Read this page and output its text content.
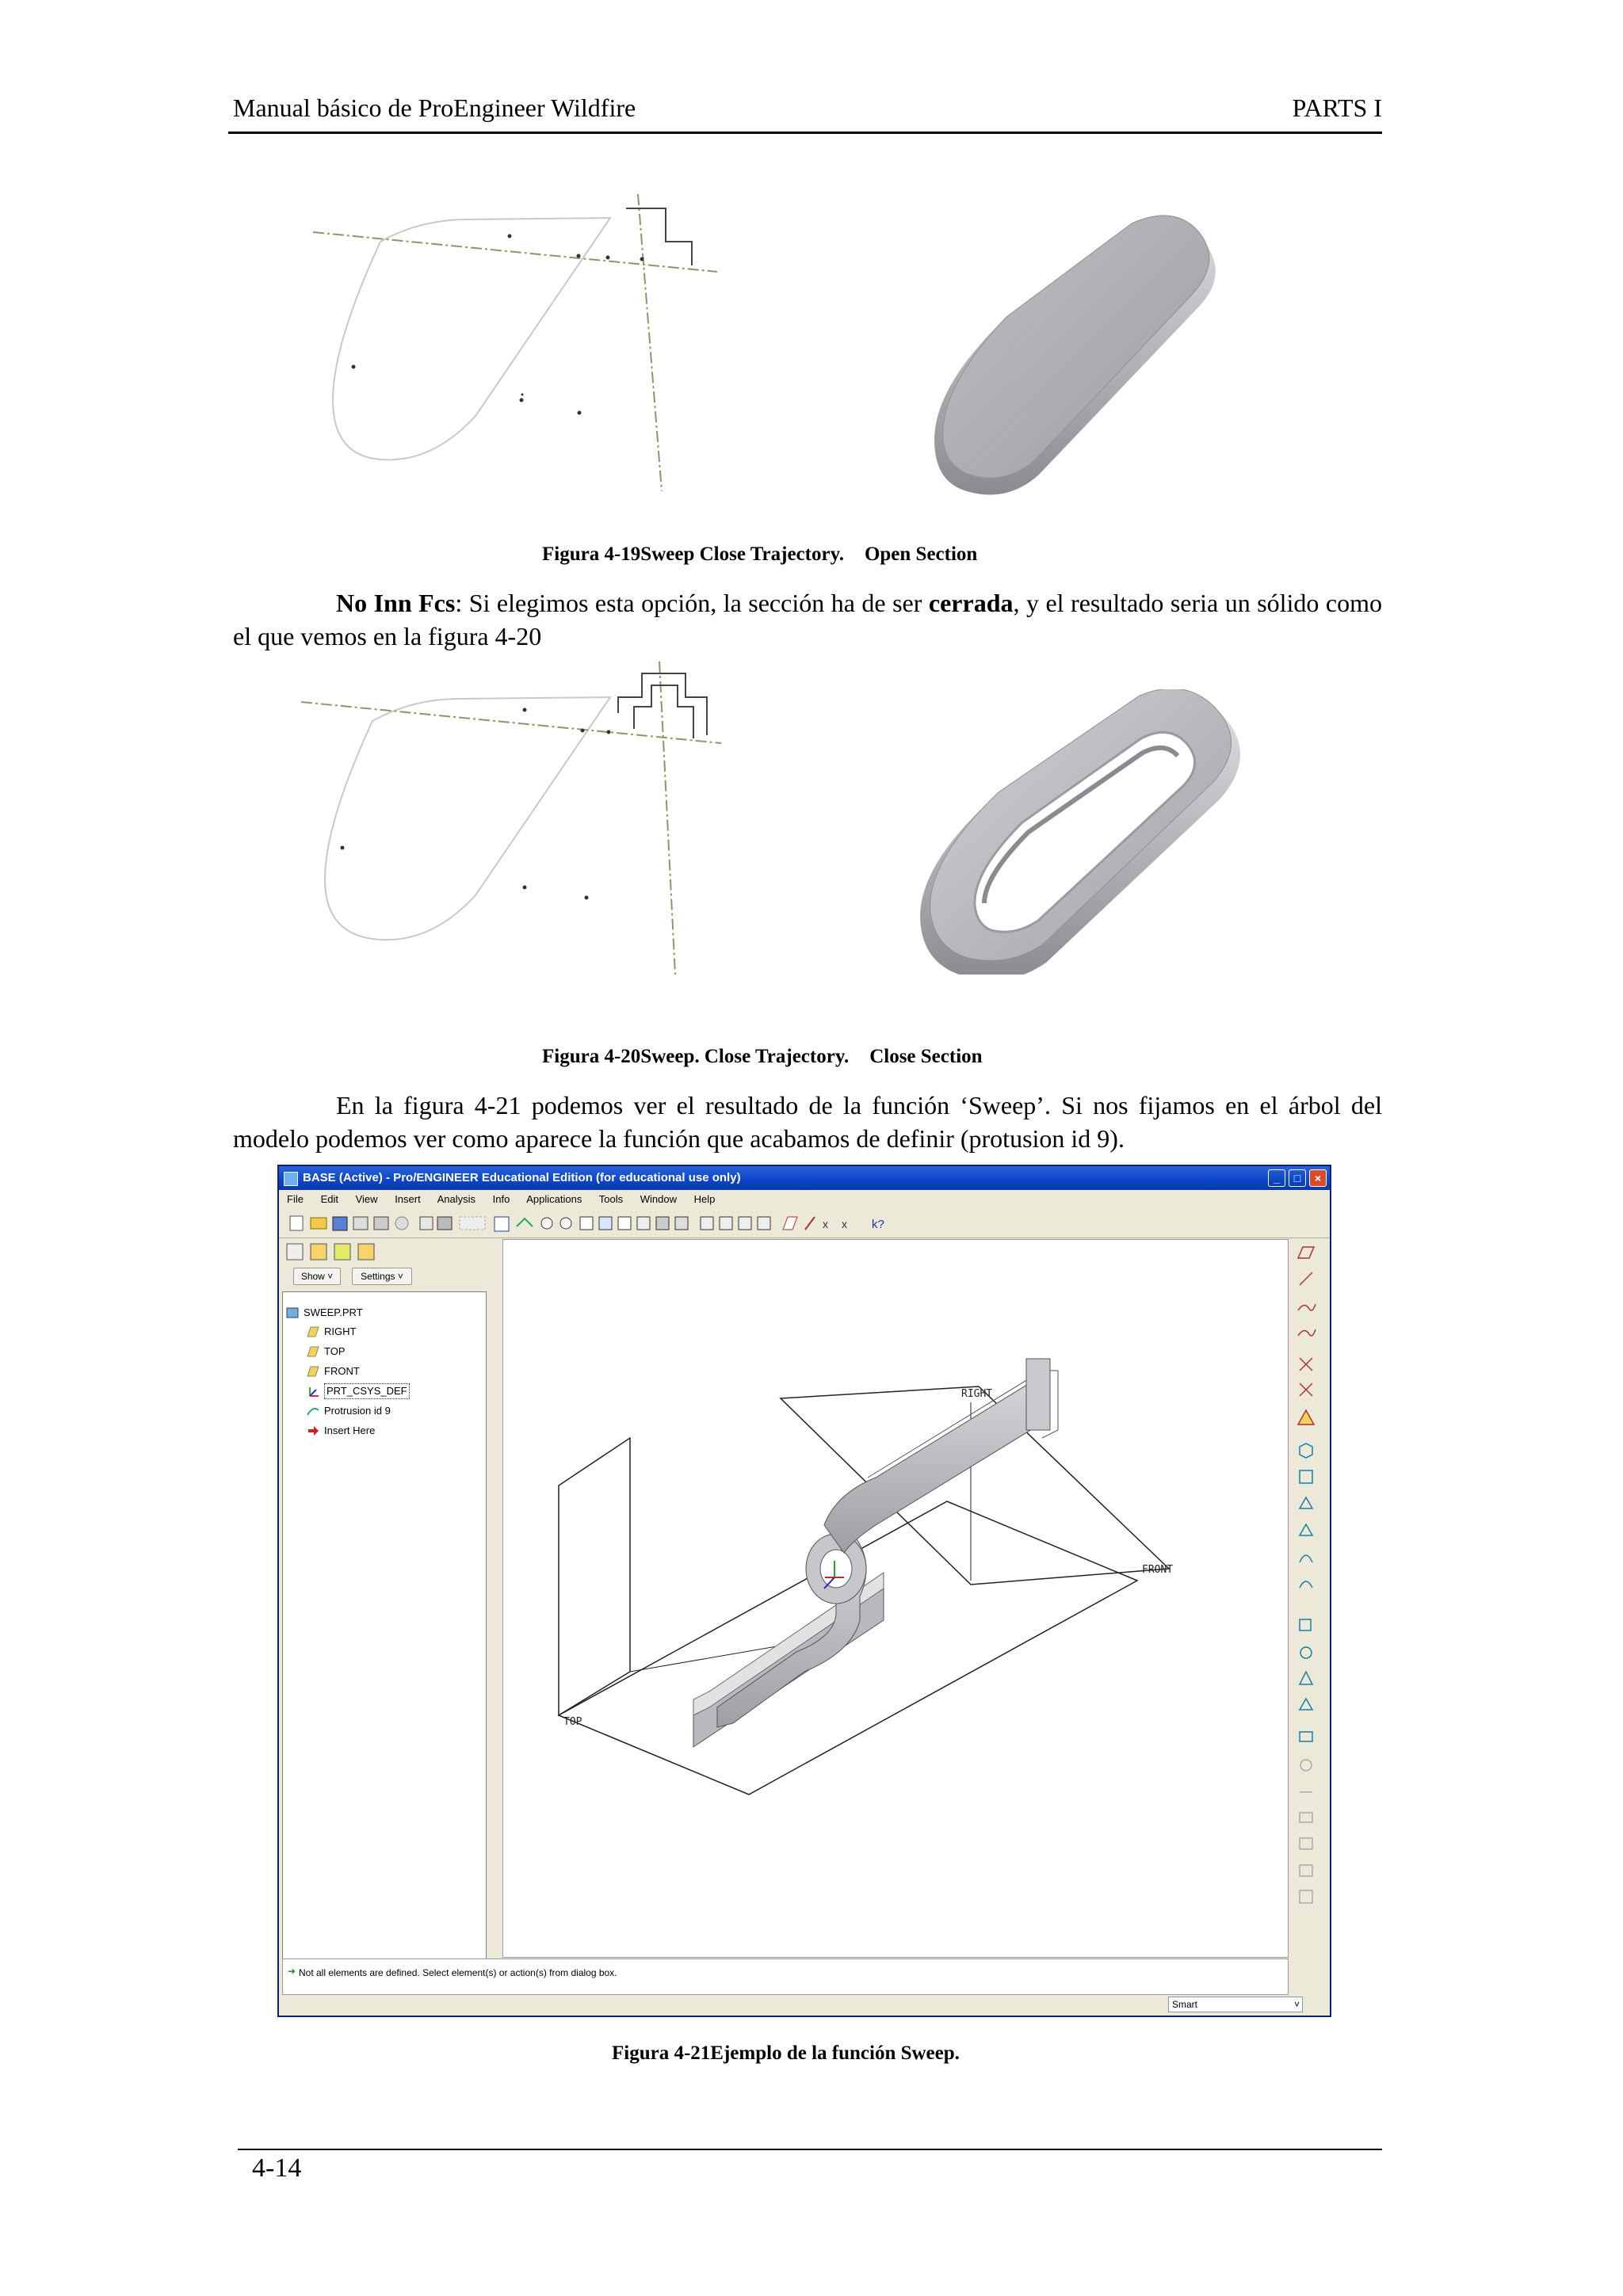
Manual básico de ProEngineer Wildfire	PARTS I
Figura 4-19Sweep Close Trajectory. Open Section
No Inn Fcs: Si elegimos esta opción, la sección ha de ser cerrada, y el resultado seria un sólido como el que vemos en la figura 4-20
Figura 4-20Sweep. Close Trajectory. Close Section
En la figura 4-21 podemos ver el resultado de la función ‘Sweep’. Si nos fijamos en el árbol del modelo podemos ver como aparece la función que acabamos de definir (protusion id 9).
BASE (Active) - Pro/ENGINEER Educational Edition (for educational use only)	_	□	×
File Edit View Insert Analysis Info Applications Tools Window Help
x x k?
Show ˅	Settings ˅
SWEEP.PRT
RIGHT
TOP
FRONT
PRT_CSYS_DEF
Protrusion id 9
Insert Here
RIGHT
FRONT
TOP
➜ Not all elements are defined. Select element(s) or action(s) from dialog box.
Smart	˅
Figura 4-21Ejemplo de la función Sweep.
4-14
